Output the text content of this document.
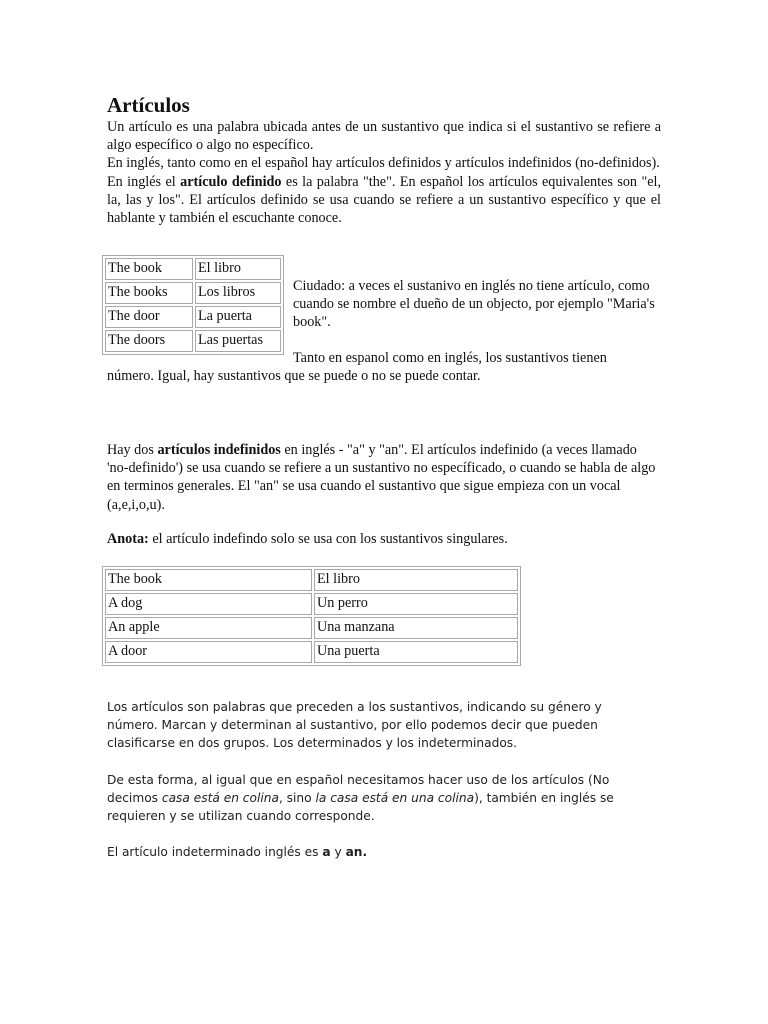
Artículos

Un artículo es una palabra ubicada antes de un sustantivo que indica si el sustantivo se refiere a algo específico o algo no específico.

En inglés, tanto como en el español hay artículos definidos y artículos indefinidos (no-definidos).

En inglés el artículo definido es la palabra "the". En español los artículos equivalentes son "el, la, las y los". El artículos definido se usa cuando se refiere a un sustantivo específico y que el hablante y también el escuchante conoce.

The book	El libro
The books	Los libros
The door	La puerta
The doors	Las puertas
Ciudado: a veces el sustanivo en inglés no tiene artículo, como cuando se nombre el dueño de un objecto, por ejemplo "Maria's book".
Tanto en espanol como en inglés, los sustantivos tienen
número. Igual, hay sustantivos que se puede o no se puede contar.

Hay dos artículos indefinidos en inglés - "a" y "an". El artículos indefinido (a veces llamado 'no-definido') se usa cuando se refiere a un sustantivo no específicado, o cuando se habla de algo en terminos generales. El "an" se usa cuando el sustantivo que sigue empieza con un vocal (a,e,i,o,u).

Anota: el artículo indefindo solo se usa con los sustantivos singulares.

The book	El libro
A dog	Un perro
An apple	Una manzana
A door	Una puerta

Los artículos son palabras que preceden a los sustantivos, indicando su género y número. Marcan y determinan al sustantivo, por ello podemos decir que pueden clasificarse en dos grupos. Los determinados y los indeterminados.

De esta forma, al igual que en español necesitamos hacer uso de los artículos (No decimos casa está en colina, sino la casa está en una colina), también en inglés se requieren y se utilizan cuando corresponde.

El artículo indeterminado inglés es a y an.
